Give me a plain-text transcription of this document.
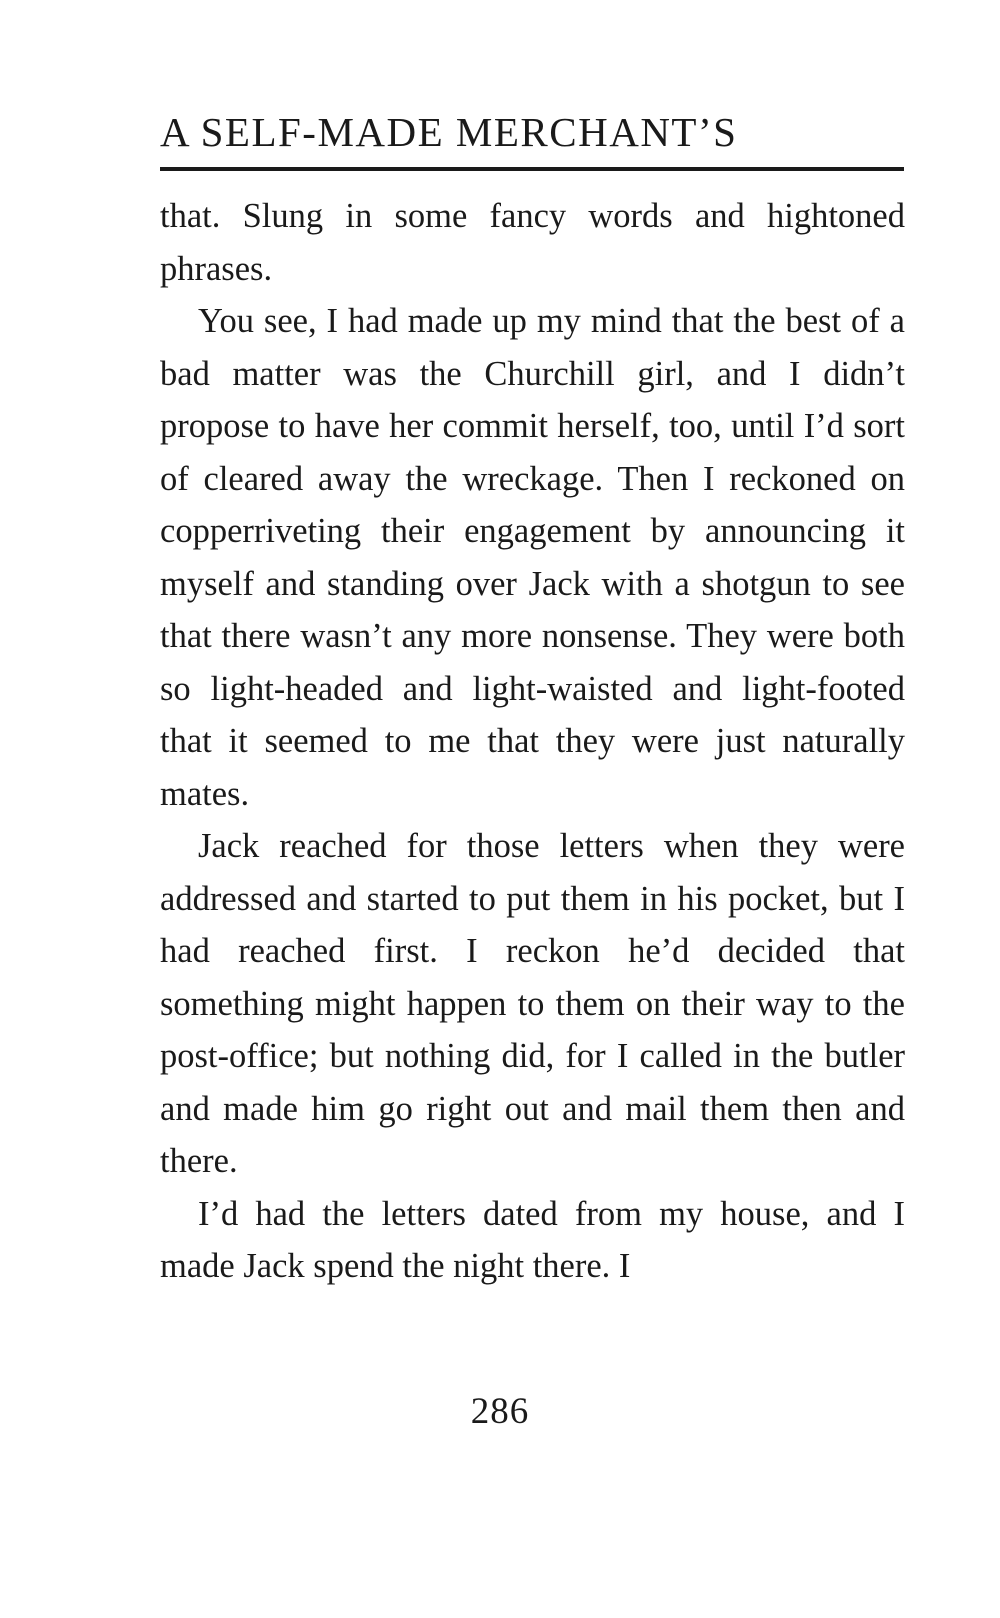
A SELF-MADE MERCHANT’S

that. Slung in some fancy words and hightoned phrases.

You see, I had made up my mind that the best of a bad matter was the Churchill girl, and I didn’t propose to have her commit herself, too, until I’d sort of cleared away the wreckage. Then I reckoned on copperriveting their engagement by announcing it myself and standing over Jack with a shotgun to see that there wasn’t any more nonsense. They were both so light-headed and light-waisted and light-footed that it seemed to me that they were just naturally mates.

Jack reached for those letters when they were addressed and started to put them in his pocket, but I had reached first. I reckon he’d decided that something might happen to them on their way to the post-office; but nothing did, for I called in the butler and made him go right out and mail them then and there.

I’d had the letters dated from my house, and I made Jack spend the night there. I

286
